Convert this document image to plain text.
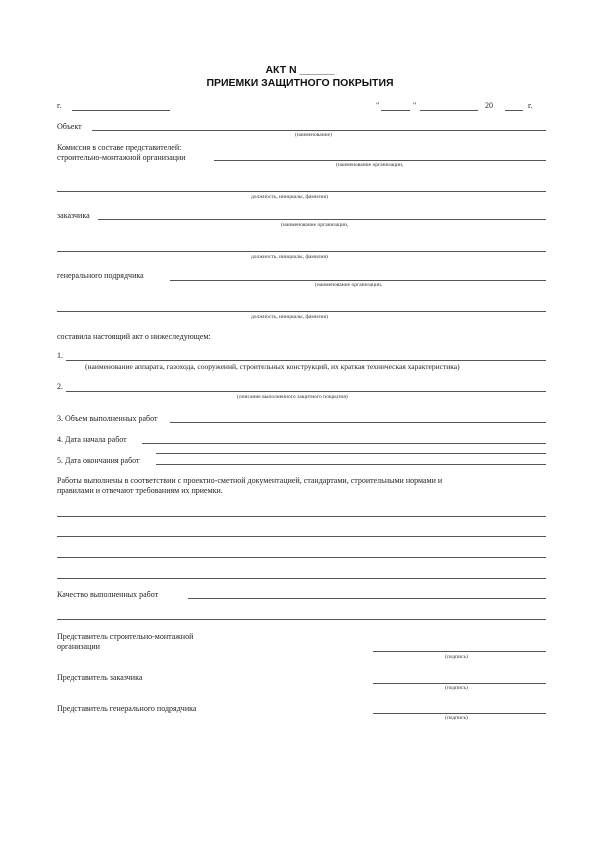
АКТ N ______
ПРИЕМКИ ЗАЩИТНОГО ПОКРЫТИЯ
г.	"	"	20	г.
Объект
(наименование)
Комиссия в составе представителей:
строительно-монтажной организации
(наименование организации,
должность, инициалы, фамилия)
заказчика
(наименование организации,
должность, инициалы, фамилия)
генерального подрядчика
(наименование организации,
должность, инициалы, фамилия)
составила настоящий акт о нижеследующем:
1.
(наименование аппарата, газохода, сооружений, строительных конструкций, их краткая техническая характеристика)
2.
(описание выполненного защитного покрытия)
3. Объем выполненных работ
4. Дата начала работ
5. Дата окончания работ
Работы выполнены в соответствии с проектно-сметной документацией, стандартами, строительными нормами и
правилами и отвечают требованиям их приемки.
Качество выполненных работ
Представитель строительно-монтажной
организации
(подпись)
Представитель заказчика
(подпись)
Представитель генерального подрядчика
(подпись)
